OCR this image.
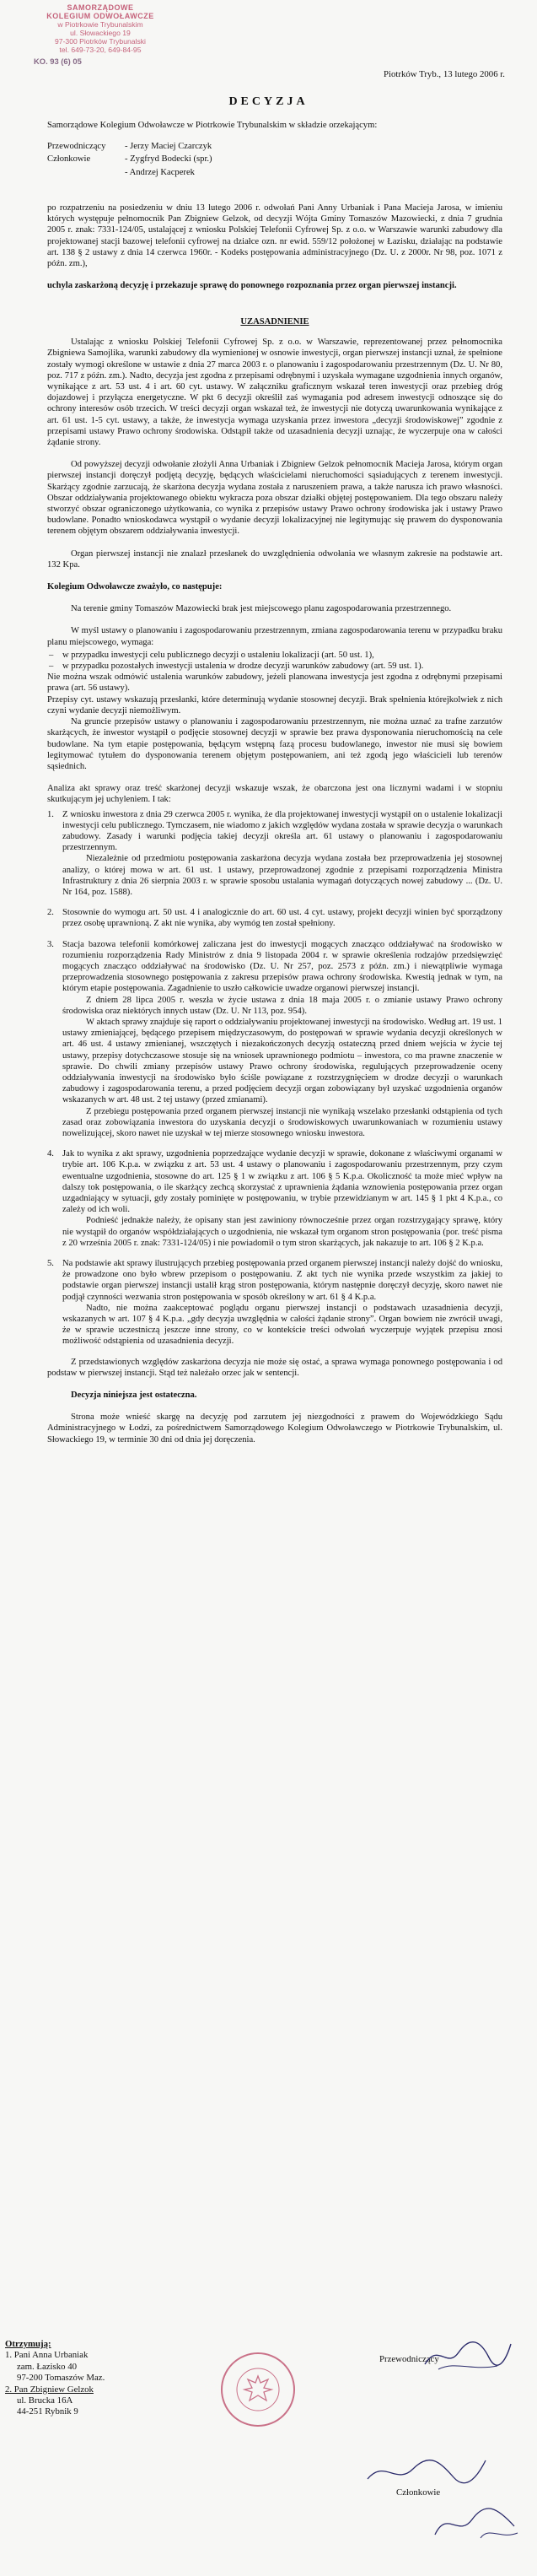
SAMORZĄDOWE
KOLEGIUM ODWOŁAWCZE
w Piotrkowie Trybunalskim
ul. Słowackiego 19
97-300 Piotrków Trybunalski
tel. 649-73-20, 649-84-95
KO. 93 (6) 05
Piotrków Tryb., 13 lutego 2006 r.
DECYZJA

Samorządowe Kolegium Odwoławcze w Piotrkowie Trybunalskim w składzie orzekającym:

Przewodniczący	- Jerzy Maciej Czarczyk
Członkowie	- Zygfryd Bodecki (spr.)
- Andrzej Kacperek

po rozpatrzeniu na posiedzeniu w dniu 13 lutego 2006 r. odwołań Pani Anny Urbaniak i Pana Macieja Jarosa, w imieniu których występuje pełnomocnik Pan Zbigniew Gelzok, od decyzji Wójta Gminy Tomaszów Mazowiecki, z dnia 7 grudnia 2005 r. znak: 7331-124/05, ustalającej z wniosku Polskiej Telefonii Cyfrowej Sp. z o.o. w Warszawie warunki zabudowy dla projektowanej stacji bazowej telefonii cyfrowej na działce ozn. nr ewid. 559/12 położonej w Łazisku, działając na podstawie art. 138 § 2 ustawy z dnia 14 czerwca 1960r. - Kodeks postępowania administracyjnego (Dz. U. z 2000r. Nr 98, poz. 1071 z późn. zm.),

uchyla zaskarżoną decyzję i przekazuje sprawę do ponownego rozpoznania przez organ pierwszej instancji.

UZASADNIENIE

Ustalając z wniosku Polskiej Telefonii Cyfrowej Sp. z o.o. w Warszawie, reprezentowanej przez pełnomocnika Zbigniewa Samojlika, warunki zabudowy dla wymienionej w osnowie inwestycji, organ pierwszej instancji uznał, że spełnione zostały wymogi określone w ustawie z dnia 27 marca 2003 r. o planowaniu i zagospodarowaniu przestrzennym (Dz. U. Nr 80, poz. 717 z późn. zm.). Nadto, decyzja jest zgodna z przepisami odrębnymi i uzyskała wymagane uzgodnienia innych organów, wynikające z art. 53 ust. 4 i art. 60 cyt. ustawy. W załączniku graficznym wskazał teren inwestycji oraz przebieg dróg dojazdowej i przyłącza energetyczne. W pkt 6 decyzji określił zaś wymagania pod adresem inwestycji odnoszące się do ochrony interesów osób trzecich. W treści decyzji organ wskazał też, że inwestycji nie dotyczą uwarunkowania wynikające z art. 61 ust. 1-5 cyt. ustawy, a także, że inwestycja wymaga uzyskania przez inwestora „decyzji środowiskowej” zgodnie z przepisami ustawy Prawo ochrony środowiska. Odstąpił także od uzasadnienia decyzji uznając, że wyczerpuje ona w całości żądanie strony.

Od powyższej decyzji odwołanie złożyli Anna Urbaniak i Zbigniew Gelzok pełnomocnik Macieja Jarosa, którym organ pierwszej instancji doręczył podjętą decyzję, będących właścicielami nieruchomości sąsiadujących z terenem inwestycji. Skarżący zgodnie zarzucają, że skarżona decyzja wydana została z naruszeniem prawa, a także narusza ich prawo własności. Obszar oddziaływania projektowanego obiektu wykracza poza obszar działki objętej postępowaniem. Dla tego obszaru należy stworzyć obszar ograniczonego użytkowania, co wynika z przepisów ustawy Prawo ochrony środowiska jak i ustawy Prawo budowlane. Ponadto wnioskodawca wystąpił o wydanie decyzji lokalizacyjnej nie legitymując się prawem do dysponowania terenem objętym obszarem oddziaływania inwestycji.

Organ pierwszej instancji nie znalazł przesłanek do uwzględnienia odwołania we własnym zakresie na podstawie art. 132 Kpa.

Kolegium Odwoławcze zważyło, co następuje:

Na terenie gminy Tomaszów Mazowiecki brak jest miejscowego planu zagospodarowania przestrzennego.

W myśl ustawy o planowaniu i zagospodarowaniu przestrzennym, zmiana zagospodarowania terenu w przypadku braku planu miejscowego, wymaga:

– w przypadku inwestycji celu publicznego decyzji o ustaleniu lokalizacji (art. 50 ust. 1),
– w przypadku pozostałych inwestycji ustalenia w drodze decyzji warunków zabudowy (art. 59 ust. 1).

Nie można wszak odmówić ustalenia warunków zabudowy, jeżeli planowana inwestycja jest zgodna z odrębnymi przepisami prawa (art. 56 ustawy).

Przepisy cyt. ustawy wskazują przesłanki, które determinują wydanie stosownej decyzji. Brak spełnienia którejkolwiek z nich czyni wydanie decyzji niemożliwym.

Na gruncie przepisów ustawy o planowaniu i zagospodarowaniu przestrzennym, nie można uznać za trafne zarzutów skarżących, że inwestor wystąpił o podjęcie stosownej decyzji w sprawie bez prawa dysponowania nieruchomością na cele budowlane. Na tym etapie postępowania, będącym wstępną fazą procesu budowlanego, inwestor nie musi się bowiem legitymować tytułem do dysponowania terenem objętym postępowaniem, ani też zgodą jego właścicieli lub terenów sąsiednich.

Analiza akt sprawy oraz treść skarżonej decyzji wskazuje wszak, że obarczona jest ona licznymi wadami i w stopniu skutkującym jej uchyleniem. I tak:

1. Z wniosku inwestora z dnia 29 czerwca 2005 r. wynika, że dla projektowanej inwestycji wystąpił on o ustalenie lokalizacji inwestycji celu publicznego. Tymczasem, nie wiadomo z jakich względów wydana została w sprawie decyzja o warunkach zabudowy. Zasady i warunki podjęcia takiej decyzji określa art. 61 ustawy o planowaniu i zagospodarowaniu przestrzennym.

Niezależnie od przedmiotu postępowania zaskarżona decyzja wydana została bez przeprowadzenia jej stosownej analizy, o której mowa w art. 61 ust. 1 ustawy, przeprowadzonej zgodnie z przepisami rozporządzenia Ministra Infrastruktury z dnia 26 sierpnia 2003 r. w sprawie sposobu ustalania wymagań dotyczących nowej zabudowy ... (Dz. U. Nr 164, poz. 1588).

2. Stosownie do wymogu art. 50 ust. 4 i analogicznie do art. 60 ust. 4 cyt. ustawy, projekt decyzji winien być sporządzony przez osobę uprawnioną. Z akt nie wynika, aby wymóg ten został spełniony.

3. Stacja bazowa telefonii komórkowej zaliczana jest do inwestycji mogących znacząco oddziaływać na środowisko w rozumieniu rozporządzenia Rady Ministrów z dnia 9 listopada 2004 r. w sprawie określenia rodzajów przedsięwzięć mogących znacząco oddziaływać na środowisko (Dz. U. Nr 257, poz. 2573 z późn. zm.) i niewątpliwie wymaga przeprowadzenia stosownego postępowania z zakresu przepisów prawa ochrony środowiska. Kwestią jednak w tym, na którym etapie postępowania. Zagadnienie to uszło całkowicie uwadze organowi pierwszej instancji.

Z dniem 28 lipca 2005 r. weszła w życie ustawa z dnia 18 maja 2005 r. o zmianie ustawy Prawo ochrony środowiska oraz niektórych innych ustaw (Dz. U. Nr 113, poz. 954).

W aktach sprawy znajduje się raport o oddziaływaniu projektowanej inwestycji na środowisko. Według art. 19 ust. 1 ustawy zmieniającej, będącego przepisem międzyczasowym, do postępowań w sprawie wydania decyzji określonych w art. 46 ust. 4 ustawy zmienianej, wszczętych i niezakończonych decyzją ostateczną przed dniem wejścia w życie tej ustawy, przepisy dotychczasowe stosuje się na wniosek uprawnionego podmiotu – inwestora, co ma prawne znaczenie w sprawie. Do chwili zmiany przepisów ustawy Prawo ochrony środowiska, regulujących przeprowadzenie oceny oddziaływania inwestycji na środowisko było ściśle powiązane z rozstrzygnięciem w drodze decyzji o warunkach zabudowy i zagospodarowania terenu, a przed podjęciem decyzji organ zobowiązany był uzyskać uzgodnienia organów wskazanych w art. 48 ust. 2 tej ustawy (przed zmianami).

Z przebiegu postępowania przed organem pierwszej instancji nie wynikają wszelako przesłanki odstąpienia od tych zasad oraz zobowiązania inwestora do uzyskania decyzji o środowiskowych uwarunkowaniach w rozumieniu ustawy nowelizującej, skoro nawet nie uzyskał w tej mierze stosownego wniosku inwestora.

4. Jak to wynika z akt sprawy, uzgodnienia poprzedzające wydanie decyzji w sprawie, dokonane z właściwymi organami w trybie art. 106 K.p.a. w związku z art. 53 ust. 4 ustawy o planowaniu i zagospodarowaniu przestrzennym, przy czym ewentualne uzgodnienia, stosowne do art. 125 § 1 w związku z art. 106 § 5 K.p.a. Okoliczność ta może mieć wpływ na dalszy tok postępowania, o ile skarżący zechcą skorzystać z uprawnienia żądania wznowienia postępowania przez organ uzgadniający w sytuacji, gdy zostały pominięte w postępowaniu, w trybie przewidzianym w art. 145 § 1 pkt 4 K.p.a., co zależy od ich woli.

Podnieść jednakże należy, że opisany stan jest zawiniony równocześnie przez organ rozstrzygający sprawę, który nie wystąpił do organów współdziałających o uzgodnienia, nie wskazał tym organom stron postępowania (por. treść pisma z 20 września 2005 r. znak: 7331-124/05) i nie powiadomił o tym stron skarżących, jak nakazuje to art. 106 § 2 K.p.a.

5. Na podstawie akt sprawy ilustrujących przebieg postępowania przed organem pierwszej instancji należy dojść do wniosku, że prowadzone ono było wbrew przepisom o postępowaniu. Z akt tych nie wynika przede wszystkim za jakiej to podstawie organ pierwszej instancji ustalił krąg stron postępowania, którym następnie doręczył decyzję, skoro nawet nie podjął czynności wezwania stron postępowania w sposób określony w art. 61 § 4 K.p.a.

Nadto, nie można zaakceptować poglądu organu pierwszej instancji o podstawach uzasadnienia decyzji, wskazanych w art. 107 § 4 K.p.a. „gdy decyzja uwzględnia w całości żądanie strony”. Organ bowiem nie zwrócił uwagi, że w sprawie uczestniczą jeszcze inne strony, co w kontekście treści odwołań wyczerpuje wyjątek przepisu znosi możliwość odstąpienia od uzasadnienia decyzji.

Z przedstawionych względów zaskarżona decyzja nie może się ostać, a sprawa wymaga ponownego postępowania i od podstaw w pierwszej instancji. Stąd też należało orzec jak w sentencji.

Decyzja niniejsza jest ostateczna.

Strona może wnieść skargę na decyzję pod zarzutem jej niezgodności z prawem do Wojewódzkiego Sądu Administracyjnego w Łodzi, za pośrednictwem Samorządowego Kolegium Odwoławczego w Piotrkowie Trybunalskim, ul. Słowackiego 19, w terminie 30 dni od dnia jej doręczenia.

Otrzymują:
1. Pani Anna Urbaniak
zam. Łazisko 40
97-200 Tomaszów Maz.
2. Pan Zbigniew Gelzok
ul. Brucka 16A
44-251 Rybnik 9
Przewodniczący
Członkowie
